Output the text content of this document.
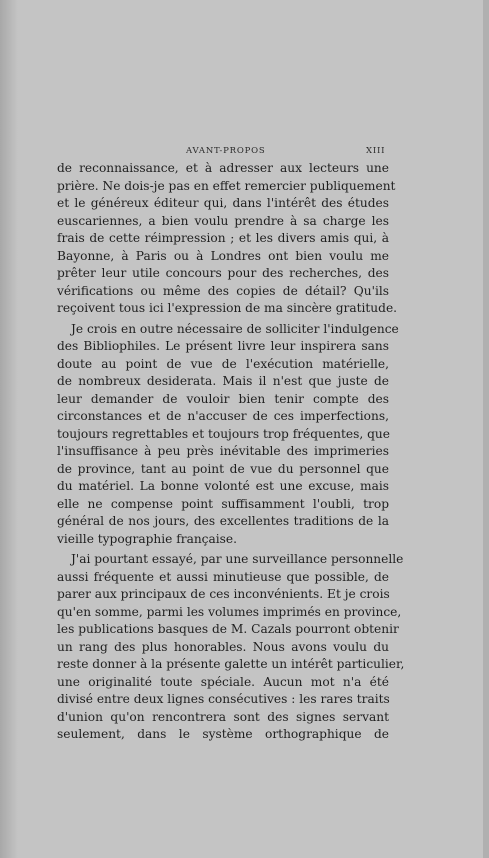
AVANT-PROPOS	XIII
de reconnaissance, et à adresser aux lecteurs une
prière. Ne dois-je pas en effet remercier publiquement
et le généreux éditeur qui, dans l'intérêt des études
euscariennes, a bien voulu prendre à sa charge les
frais de cette réimpression ; et les divers amis qui, à
Bayonne, à Paris ou à Londres ont bien voulu me
prêter leur utile concours pour des recherches, des
vérifications ou même des copies de détail? Qu'ils
reçoivent tous ici l'expression de ma sincère gratitude.
Je crois en outre nécessaire de solliciter l'indulgence
des Bibliophiles. Le présent livre leur inspirera sans
doute au point de vue de l'exécution matérielle,
de nombreux desiderata. Mais il n'est que juste de
leur demander de vouloir bien tenir compte des
circonstances et de n'accuser de ces imperfections,
toujours regrettables et toujours trop fréquentes, que
l'insuffisance à peu près inévitable des imprimeries
de province, tant au point de vue du personnel que
du matériel. La bonne volonté est une excuse, mais
elle ne compense point suffisamment l'oubli, trop
général de nos jours, des excellentes traditions de la
vieille typographie française.
J'ai pourtant essayé, par une surveillance personnelle
aussi fréquente et aussi minutieuse que possible, de
parer aux principaux de ces inconvénients. Et je crois
qu'en somme, parmi les volumes imprimés en province,
les publications basques de M. Cazals pourront obtenir
un rang des plus honorables. Nous avons voulu du
reste donner à la présente galette un intérêt particulier,
une originalité toute spéciale. Aucun mot n'a été
divisé entre deux lignes consécutives : les rares traits
d'union qu'on rencontrera sont des signes servant
seulement, dans le système orthographique de
